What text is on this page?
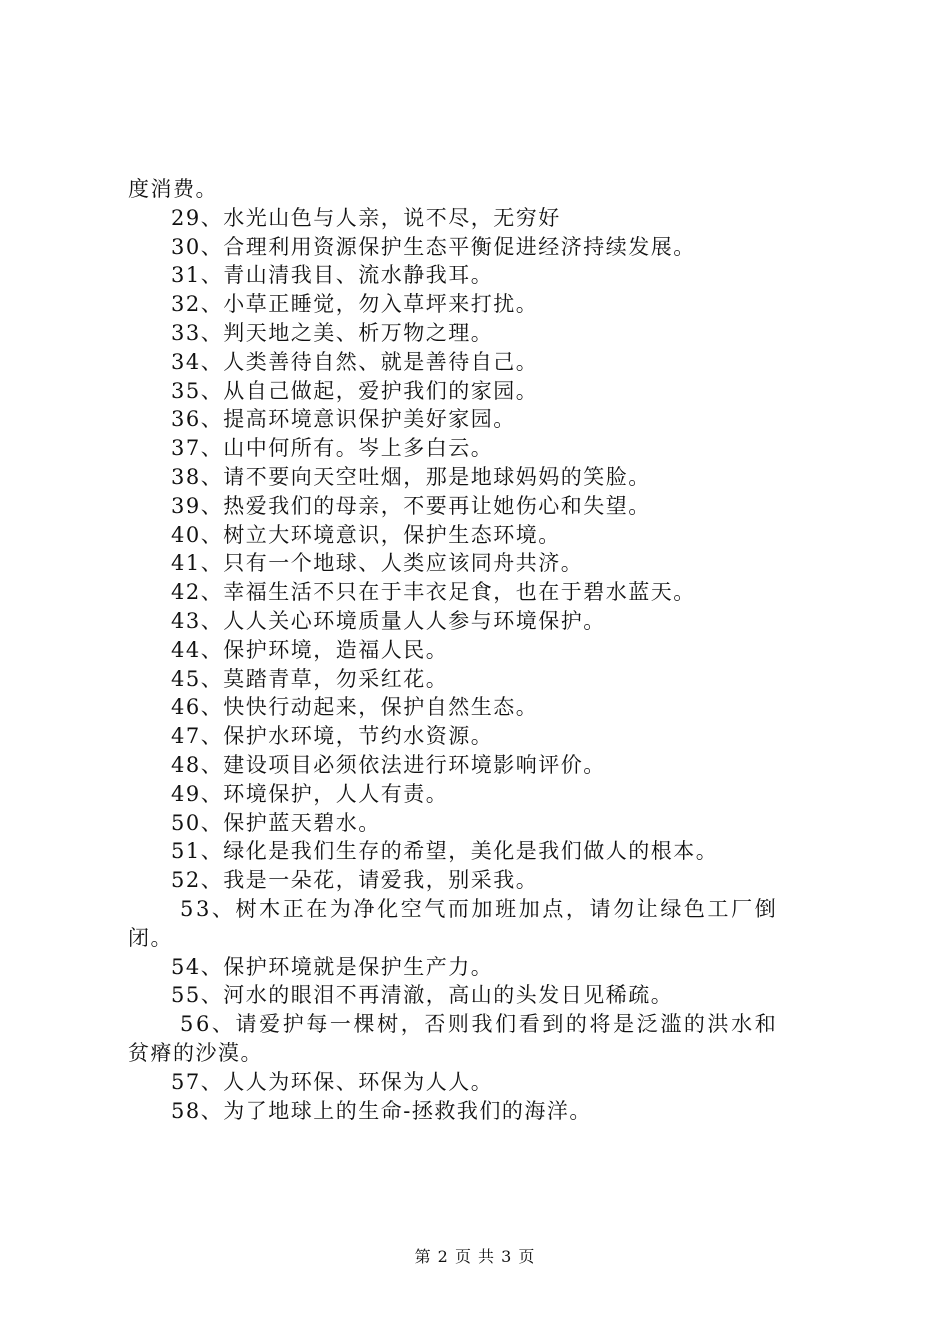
度消费。
29、水光山色与人亲，说不尽，无穷好
30、合理利用资源保护生态平衡促进经济持续发展。
31、青山清我目、流水静我耳。
32、小草正睡觉，勿入草坪来打扰。
33、判天地之美、析万物之理。
34、人类善待自然、就是善待自己。
35、从自己做起，爱护我们的家园。
36、提高环境意识保护美好家园。
37、山中何所有。岑上多白云。
38、请不要向天空吐烟，那是地球妈妈的笑脸。
39、热爱我们的母亲，不要再让她伤心和失望。
40、树立大环境意识，保护生态环境。
41、只有一个地球、人类应该同舟共济。
42、幸福生活不只在于丰衣足食，也在于碧水蓝天。
43、人人关心环境质量人人参与环境保护。
44、保护环境，造福人民。
45、莫踏青草，勿采红花。
46、快快行动起来，保护自然生态。
47、保护水环境，节约水资源。
48、建设项目必须依法进行环境影响评价。
49、环境保护，人人有责。
50、保护蓝天碧水。
51、绿化是我们生存的希望，美化是我们做人的根本。
52、我是一朵花，请爱我，别采我。
53、树木正在为净化空气而加班加点，请勿让绿色工厂倒
闭。
54、保护环境就是保护生产力。
55、河水的眼泪不再清澈，高山的头发日见稀疏。
56、请爱护每一棵树，否则我们看到的将是泛滥的洪水和
贫瘠的沙漠。
57、人人为环保、环保为人人。
58、为了地球上的生命-拯救我们的海洋。
第 2 页 共 3 页
